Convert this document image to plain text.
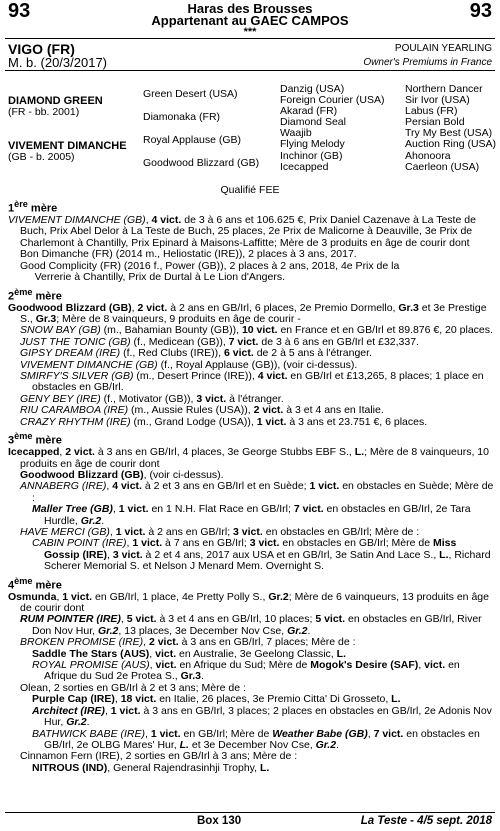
93	93
Haras des Brousses
Appartenant au GAEC CAMPOS
***
VIGO (FR)
M. b. (20/3/2017)
POULAIN YEARLING
Owner's Premiums in France
DIAMOND GREEN
(FR - bb. 2001)
VIVEMENT DIMANCHE
(GB - b. 2005)
Green Desert (USA)
Diamonaka (FR)
Royal Applause (GB)
Goodwood Blizzard (GB)
Danzig (USA)
Foreign Courier (USA)
Akarad (FR)
Diamond Seal
Waajib
Flying Melody
Inchinor (GB)
Icecapped
Northern Dancer
Sir Ivor (USA)
Labus (FR)
Persian Bold
Try My Best (USA)
Auction Ring (USA)
Ahonoora
Caerleon (USA)
Qualifié FEE

1ère mère

VIVEMENT DIMANCHE (GB), 4 vict. de 3 à 6 ans et 106.625 €, Prix Daniel Cazenave à La Teste de Buch, Prix Abel Delor à La Teste de Buch, 25 places, 2e Prix de Malicorne à Deauville, 3e Prix de Charlemont à Chantilly, Prix Epinard à Maisons-Laffitte; Mère de 3 produits en âge de courir dont

Bon Dimanche (FR) (2014 m., Heliostatic (IRE)), 2 places à 3 ans, 2017.

Good Complicity (FR) (2016 f., Power (GB)), 2 places à 2 ans, 2018, 4e Prix de la
Verrerie à Chantilly, Prix de Durtal à Le Lion d'Angers.

2ème mère

Goodwood Blizzard (GB), 2 vict. à 2 ans en GB/Irl, 6 places, 2e Premio Dormello, Gr.3 et 3e Prestige S., Gr.3; Mère de 8 vainqueurs, 9 produits en âge de courir -

SNOW BAY (GB) (m., Bahamian Bounty (GB)), 10 vict. en France et en GB/Irl et 89.876 €, 20 places.

JUST THE TONIC (GB) (f., Medicean (GB)), 7 vict. de 3 à 6 ans en GB/Irl et £32,337.

GIPSY DREAM (IRE) (f., Red Clubs (IRE)), 6 vict. de 2 à 5 ans à l'étranger.

VIVEMENT DIMANCHE (GB) (f., Royal Applause (GB)), (voir ci-dessus).

SMIRFY'S SILVER (GB) (m., Desert Prince (IRE)), 4 vict. en GB/Irl et £13,265, 8 places; 1 place en obstacles en GB/Irl.

GENY BEY (IRE) (f., Motivator (GB)), 3 vict. à l'étranger.

RIU CARAMBOA (IRE) (m., Aussie Rules (USA)), 2 vict. à 3 et 4 ans en Italie.

CRAZY RHYTHM (IRE) (m., Grand Lodge (USA)), 1 vict. à 3 ans et 23.751 €, 6 places.

3ème mère

Icecapped, 2 vict. à 3 ans en GB/Irl, 4 places, 3e George Stubbs EBF S., L.; Mère de 8 vainqueurs, 10 produits en âge de courir dont

Goodwood Blizzard (GB), (voir ci-dessus).

ANNABERG (IRE), 4 vict. à 2 et 3 ans en GB/Irl et en Suède; 1 vict. en obstacles en Suède; Mère de :

Maller Tree (GB), 1 vict. en 1 N.H. Flat Race en GB/Irl; 7 vict. en obstacles en GB/Irl, 2e Tara Hurdle, Gr.2.

HAVE MERCI (GB), 1 vict. à 2 ans en GB/Irl; 3 vict. en obstacles en GB/Irl; Mère de :

CABIN POINT (IRE), 1 vict. à 7 ans en GB/Irl; 3 vict. en obstacles en GB/Irl; Mère de Miss Gossip (IRE), 3 vict. à 2 et 4 ans, 2017 aux USA et en GB/Irl, 3e Satin And Lace S., L., Richard Scherer Memorial S. et Nelson J Menard Mem. Overnight S.

4ème mère

Osmunda, 1 vict. en GB/Irl, 1 place, 4e Pretty Polly S., Gr.2; Mère de 6 vainqueurs, 13 produits en âge de courir dont

RUM POINTER (IRE), 5 vict. à 3 et 4 ans en GB/Irl, 10 places; 5 vict. en obstacles en GB/Irl, River Don Nov Hur, Gr.2, 13 places, 3e December Nov Cse, Gr.2.

BROKEN PROMISE (IRE), 2 vict. à 3 ans en GB/Irl, 7 places; Mère de :

Saddle The Stars (AUS), vict. en Australie, 3e Geelong Classic, L.

ROYAL PROMISE (AUS), vict. en Afrique du Sud; Mère de Mogok's Desire (SAF), vict. en Afrique du Sud 2e Protea S., Gr.3.

Olean, 2 sorties en GB/Irl à 2 et 3 ans; Mère de :

Purple Cap (IRE), 18 vict. en Italie, 26 places, 3e Premio Citta' Di Grosseto, L.

Architect (IRE), 1 vict. à 3 ans en GB/Irl, 3 places; 2 places en obstacles en GB/Irl, 2e Adonis Nov Hur, Gr.2.

BATHWICK BABE (IRE), 1 vict. en GB/Irl; Mère de Weather Babe (GB), 7 vict. en obstacles en GB/Irl, 2e OLBG Mares' Hur, L. et 3e December Nov Cse, Gr.2.

Cinnamon Fern (IRE), 2 sorties en GB/Irl à 3 ans; Mère de :

NITROUS (IND), General Rajendrasinhji Trophy, L.

Box 130	La Teste - 4/5 sept. 2018
